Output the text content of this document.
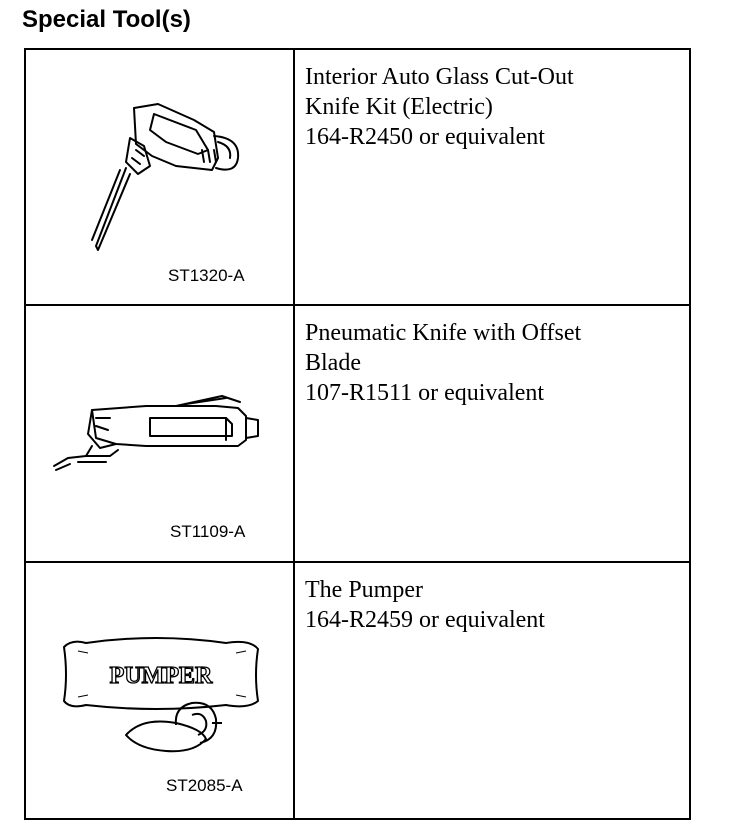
Special Tool(s)
ST1320-A
Interior Auto Glass Cut-Out
Knife Kit (Electric)
164-R2450 or equivalent
ST1109-A
Pneumatic Knife with Offset
Blade
107-R1511 or equivalent
PUMPER
ST2085-A
The Pumper
164-R2459 or equivalent
